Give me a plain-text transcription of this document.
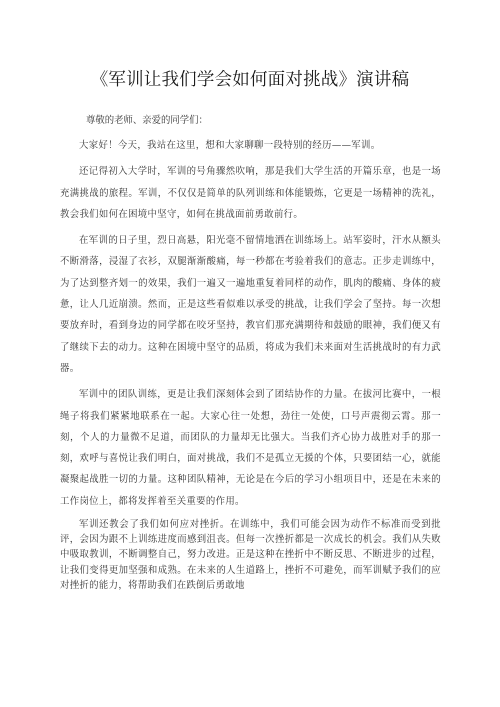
《军训让我们学会如何面对挑战》演讲稿

尊敬的老师、亲爱的同学们：

大家好！今天，我站在这里，想和大家聊聊一段特别的经历——军训。

还记得初入大学时，军训的号角骤然吹响，那是我们大学生活的开篇乐章，也是一场充满挑战的旅程。军训，不仅仅是简单的队列训练和体能锻炼，它更是一场精神的洗礼，教会我们如何在困境中坚守，如何在挑战面前勇敢前行。

在军训的日子里，烈日高悬，阳光毫不留情地洒在训练场上。站军姿时，汗水从额头不断滑落，浸湿了衣衫，双腿渐渐酸痛，每一秒都在考验着我们的意志。正步走训练中，为了达到整齐划一的效果，我们一遍又一遍地重复着同样的动作，肌肉的酸痛、身体的疲惫，让人几近崩溃。然而，正是这些看似难以承受的挑战，让我们学会了坚持。每一次想要放弃时，看到身边的同学都在咬牙坚持，教官们那充满期待和鼓励的眼神，我们便又有了继续下去的动力。这种在困境中坚守的品质，将成为我们未来面对生活挑战时的有力武器。

军训中的团队训练，更是让我们深刻体会到了团结协作的力量。在拔河比赛中，一根绳子将我们紧紧地联系在一起。大家心往一处想，劲往一处使，口号声震彻云霄。那一刻，个人的力量微不足道，而团队的力量却无比强大。当我们齐心协力战胜对手的那一刻，欢呼与喜悦让我们明白，面对挑战，我们不是孤立无援的个体，只要团结一心，就能凝聚起战胜一切的力量。这种团队精神，无论是在今后的学习小组项目中，还是在未来的工作岗位上，都将发挥着至关重要的作用。

军训还教会了我们如何应对挫折。在训练中，我们可能会因为动作不标准而受到批评，会因为跟不上训练进度而感到沮丧。但每一次挫折都是一次成长的机会。我们从失败中吸取教训，不断调整自己，努力改进。正是这种在挫折中不断反思、不断进步的过程，让我们变得更加坚强和成熟。在未来的人生道路上，挫折不可避免，而军训赋予我们的应对挫折的能力，将帮助我们在跌倒后勇敢地
